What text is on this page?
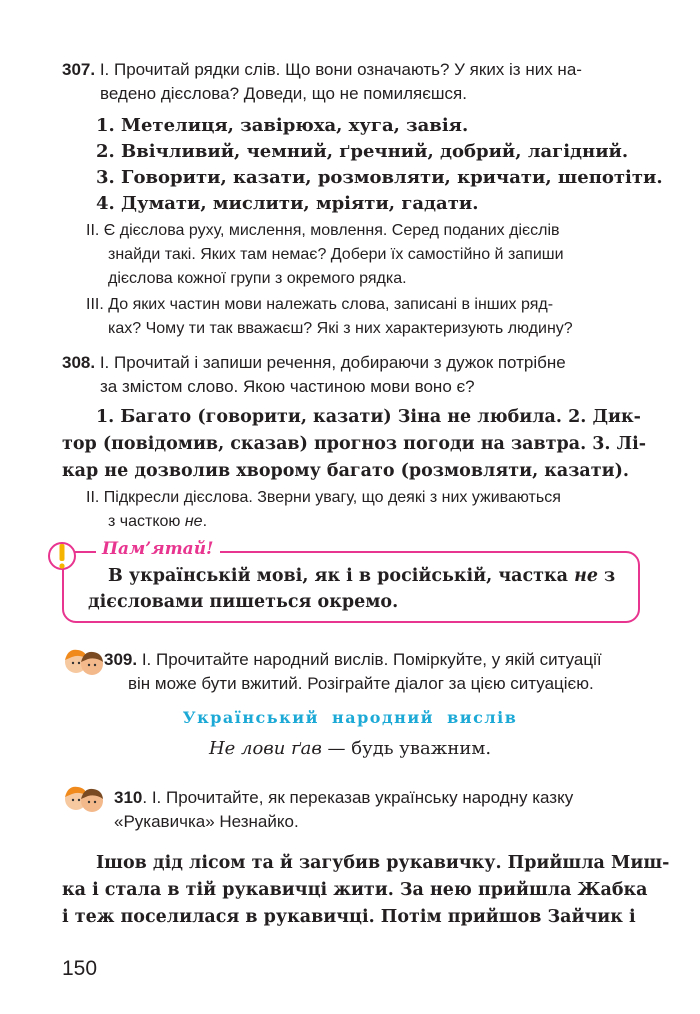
307. І. Прочитай рядки слів. Що вони означають? У яких із них на-
ведено дієслова? Доведи, що не помиляєшся.
1. Метелиця, завірюха, хуга, завія.
2. Ввічливий, чемний, ґречний, добрий, лагідний.
3. Говорити, казати, розмовляти, кричати, шепотіти.
4. Думати, мислити, мріяти, гадати.
ІІ. Є дієслова руху, мислення, мовлення. Серед поданих дієслів
знайди такі. Яких там немає? Добери їх самостійно й запиши
дієслова кожної групи з окремого рядка.
ІІІ. До яких частин мови належать слова, записані в інших ряд-
ках? Чому ти так вважаєш? Які з них характеризують людину?
308. І. Прочитай і запиши речення, добираючи з дужок потрібне
за змістом слово. Якою частиною мови воно є?
1. Багато (говорити, казати) Зіна не любила. 2. Дик-
тор (повідомив, сказав) прогноз погоди на завтра. 3. Лі-
кар не дозволив хворому багато (розмовляти, казати).
ІІ. Підкресли дієслова. Зверни увагу, що деякі з них уживаються
з часткою не.
Пам’ятай!
В українській мові, як і в російській, частка не з
дієсловами пишеться окремо.
309. І. Прочитайте народний вислів. Поміркуйте, у якій ситуації
він може бути вжитий. Розіграйте діалог за цією ситуацією.
Український народний вислів
Не лови ґав — будь уважним.
310. І. Прочитайте, як переказав українську народну казку
«Рукавичка» Незнайко.
Ішов дід лісом та й загубив рукавичку. Прийшла Миш-
ка і стала в тій рукавичці жити. За нею прийшла Жабка
і теж поселилася в рукавичці. Потім прийшов Зайчик і
150
